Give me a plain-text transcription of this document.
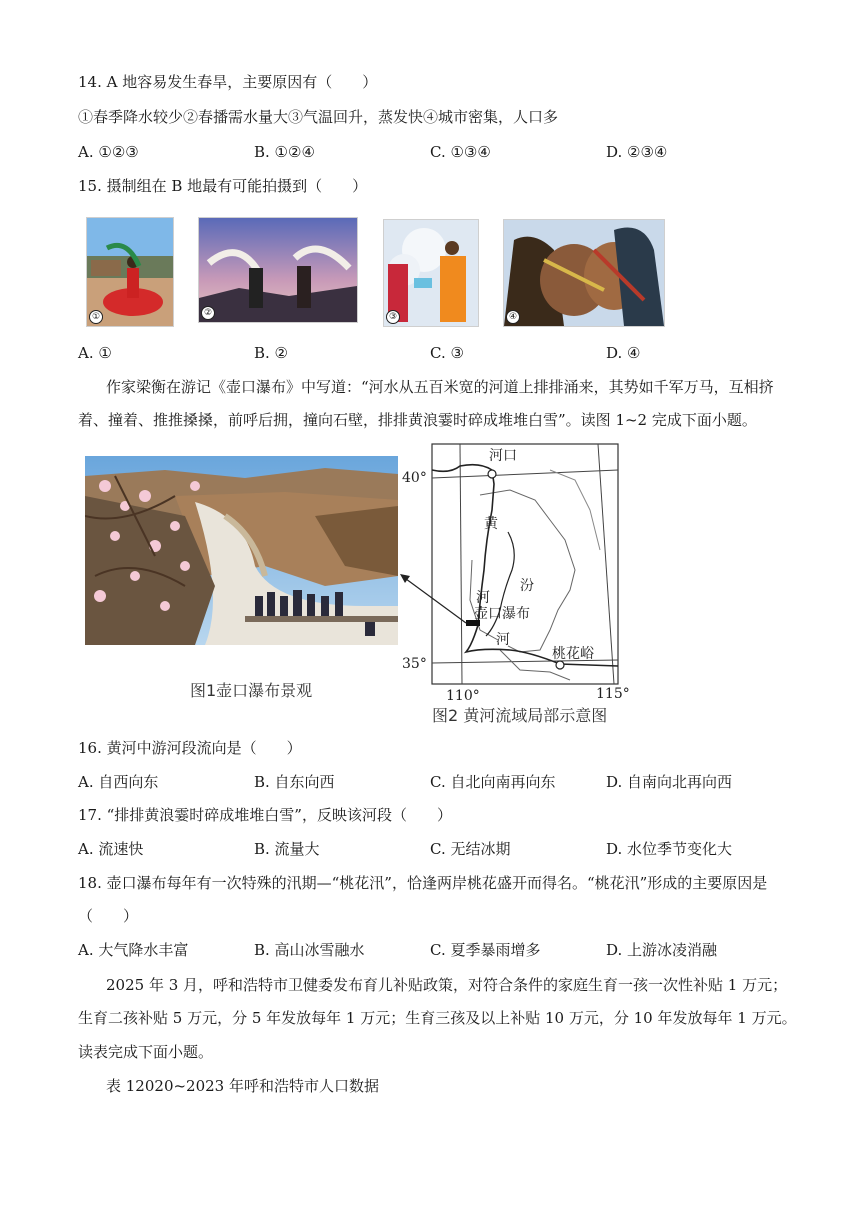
14. A 地容易发生春旱，主要原因有（　　）
①春季降水较少②春播需水量大③气温回升，蒸发快④城市密集，人口多
A. ①②③	B. ①②④	C. ①③④	D. ②③④
15. 摄制组在 B 地最有可能拍摄到（　　）
①	②	③	④
A. ①	B. ②	C. ③	D. ④
作家梁衡在游记《壶口瀑布》中写道：“河水从五百米宽的河道上排排涌来，其势如千军万马，互相挤
着、撞着、推推搡搡，前呼后拥，撞向石壁，排排黄浪霎时碎成堆堆白雪”。读图 1~2 完成下面小题。
图1壶口瀑布景观
河口
黄
河
壶口瀑布
河
汾
桃花峪
40°
35°
110°	115°
图2 黄河流域局部示意图
16. 黄河中游河段流向是（　　）
A. 自西向东	B. 自东向西	C. 自北向南再向东	D. 自南向北再向西
17. “排排黄浪霎时碎成堆堆白雪”，反映该河段（　　）
A. 流速快	B. 流量大	C. 无结冰期	D. 水位季节变化大
18. 壶口瀑布每年有一次特殊的汛期—“桃花汛”，恰逢两岸桃花盛开而得名。“桃花汛”形成的主要原因是
（　　）
A. 大气降水丰富	B. 高山冰雪融水	C. 夏季暴雨增多	D. 上游冰凌消融
2025 年 3 月，呼和浩特市卫健委发布育儿补贴政策，对符合条件的家庭生育一孩一次性补贴 1 万元；
生育二孩补贴 5 万元，分 5 年发放每年 1 万元；生育三孩及以上补贴 10 万元，分 10 年发放每年 1 万元。
读表完成下面小题。
表 12020~2023 年呼和浩特市人口数据
